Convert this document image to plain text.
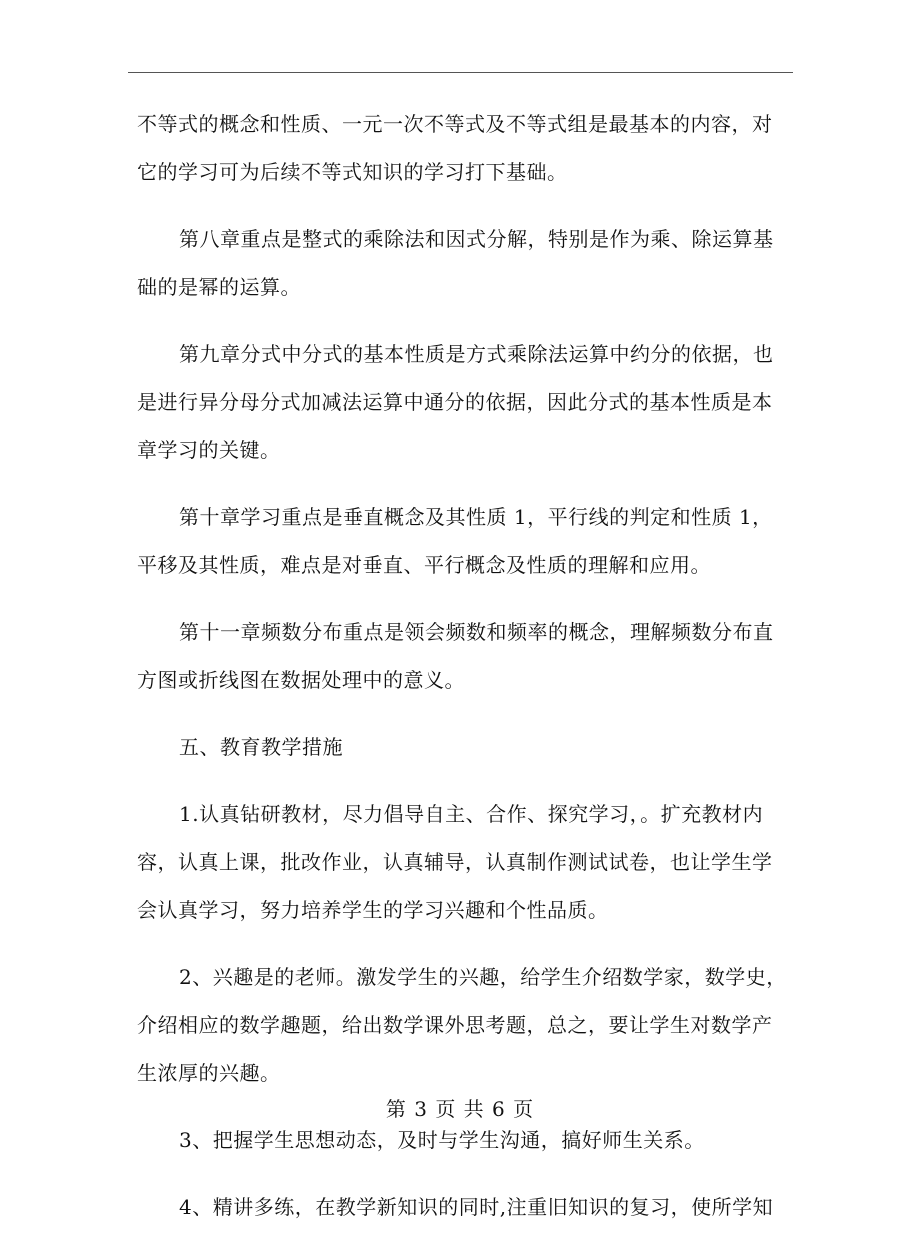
不等式的概念和性质、一元一次不等式及不等式组是最基本的内容，对
它的学习可为后续不等式知识的学习打下基础。

第八章重点是整式的乘除法和因式分解，特别是作为乘、除运算基
础的是幂的运算。

第九章分式中分式的基本性质是方式乘除法运算中约分的依据，也
是进行异分母分式加减法运算中通分的依据，因此分式的基本性质是本
章学习的关键。

第十章学习重点是垂直概念及其性质 1，平行线的判定和性质 1，
平移及其性质，难点是对垂直、平行概念及性质的理解和应用。

第十一章频数分布重点是领会频数和频率的概念，理解频数分布直
方图或折线图在数据处理中的意义。

五、教育教学措施

1.认真钻研教材，尽力倡导自主、合作、探究学习，。扩充教材内
容，认真上课，批改作业，认真辅导，认真制作测试试卷，也让学生学
会认真学习，努力培养学生的学习兴趣和个性品质。

2、兴趣是的老师。激发学生的兴趣，给学生介绍数学家，数学史，
介绍相应的数学趣题，给出数学课外思考题，总之，要让学生对数学产
生浓厚的兴趣。

3、把握学生思想动态，及时与学生沟通，搞好师生关系。

4、精讲多练，在教学新知识的同时,注重旧知识的复习，使所学知

第 3 页 共 6 页
